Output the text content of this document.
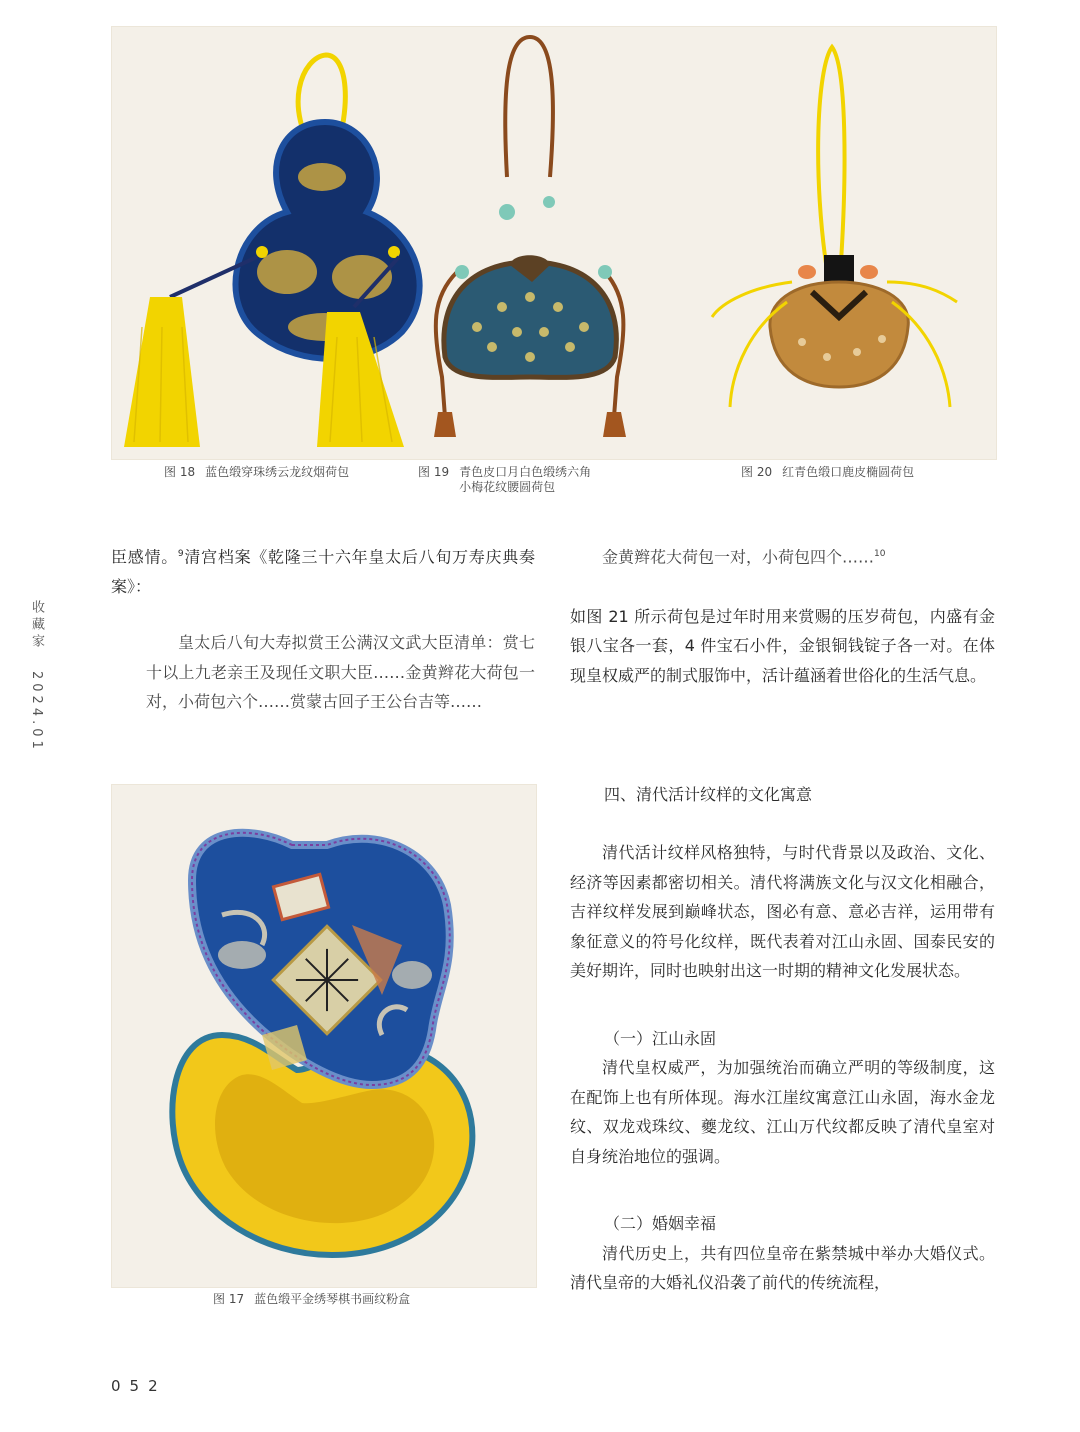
图 18 蓝色缎穿珠绣云龙纹烟荷包	图 19 青色皮口月白色缎绣六角
小梅花纹腰圆荷包
图 20 红青色缎口鹿皮椭圆荷包
收藏家 2024.01

臣感情。$^9$清宫档案《乾隆三十六年皇太后八旬万寿庆典奏案》：

皇太后八旬大寿拟赏王公满汉文武大臣清单：赏七十以上九老亲王及现任文职大臣……金黄辫花大荷包一对，小荷包六个……赏蒙古回子王公台吉等……

金黄辫花大荷包一对，小荷包四个……$^{10}$

如图 21 所示荷包是过年时用来赏赐的压岁荷包，内盛有金银八宝各一套，4 件宝石小件，金银铜钱锭子各一对。在体现皇权威严的制式服饰中，活计蕴涵着世俗化的生活气息。

四、清代活计纹样的文化寓意

清代活计纹样风格独特，与时代背景以及政治、文化、经济等因素都密切相关。清代将满族文化与汉文化相融合，吉祥纹样发展到巅峰状态，图必有意、意必吉祥，运用带有象征意义的符号化纹样，既代表着对江山永固、国泰民安的美好期许，同时也映射出这一时期的精神文化发展状态。

（一）江山永固

清代皇权威严，为加强统治而确立严明的等级制度，这在配饰上也有所体现。海水江崖纹寓意江山永固，海水金龙纹、双龙戏珠纹、夔龙纹、江山万代纹都反映了清代皇室对自身统治地位的强调。

（二）婚姻幸福

清代历史上，共有四位皇帝在紫禁城中举办大婚仪式。清代皇帝的大婚礼仪沿袭了前代的传统流程，

图 17 蓝色缎平金绣琴棋书画纹粉盒
052
